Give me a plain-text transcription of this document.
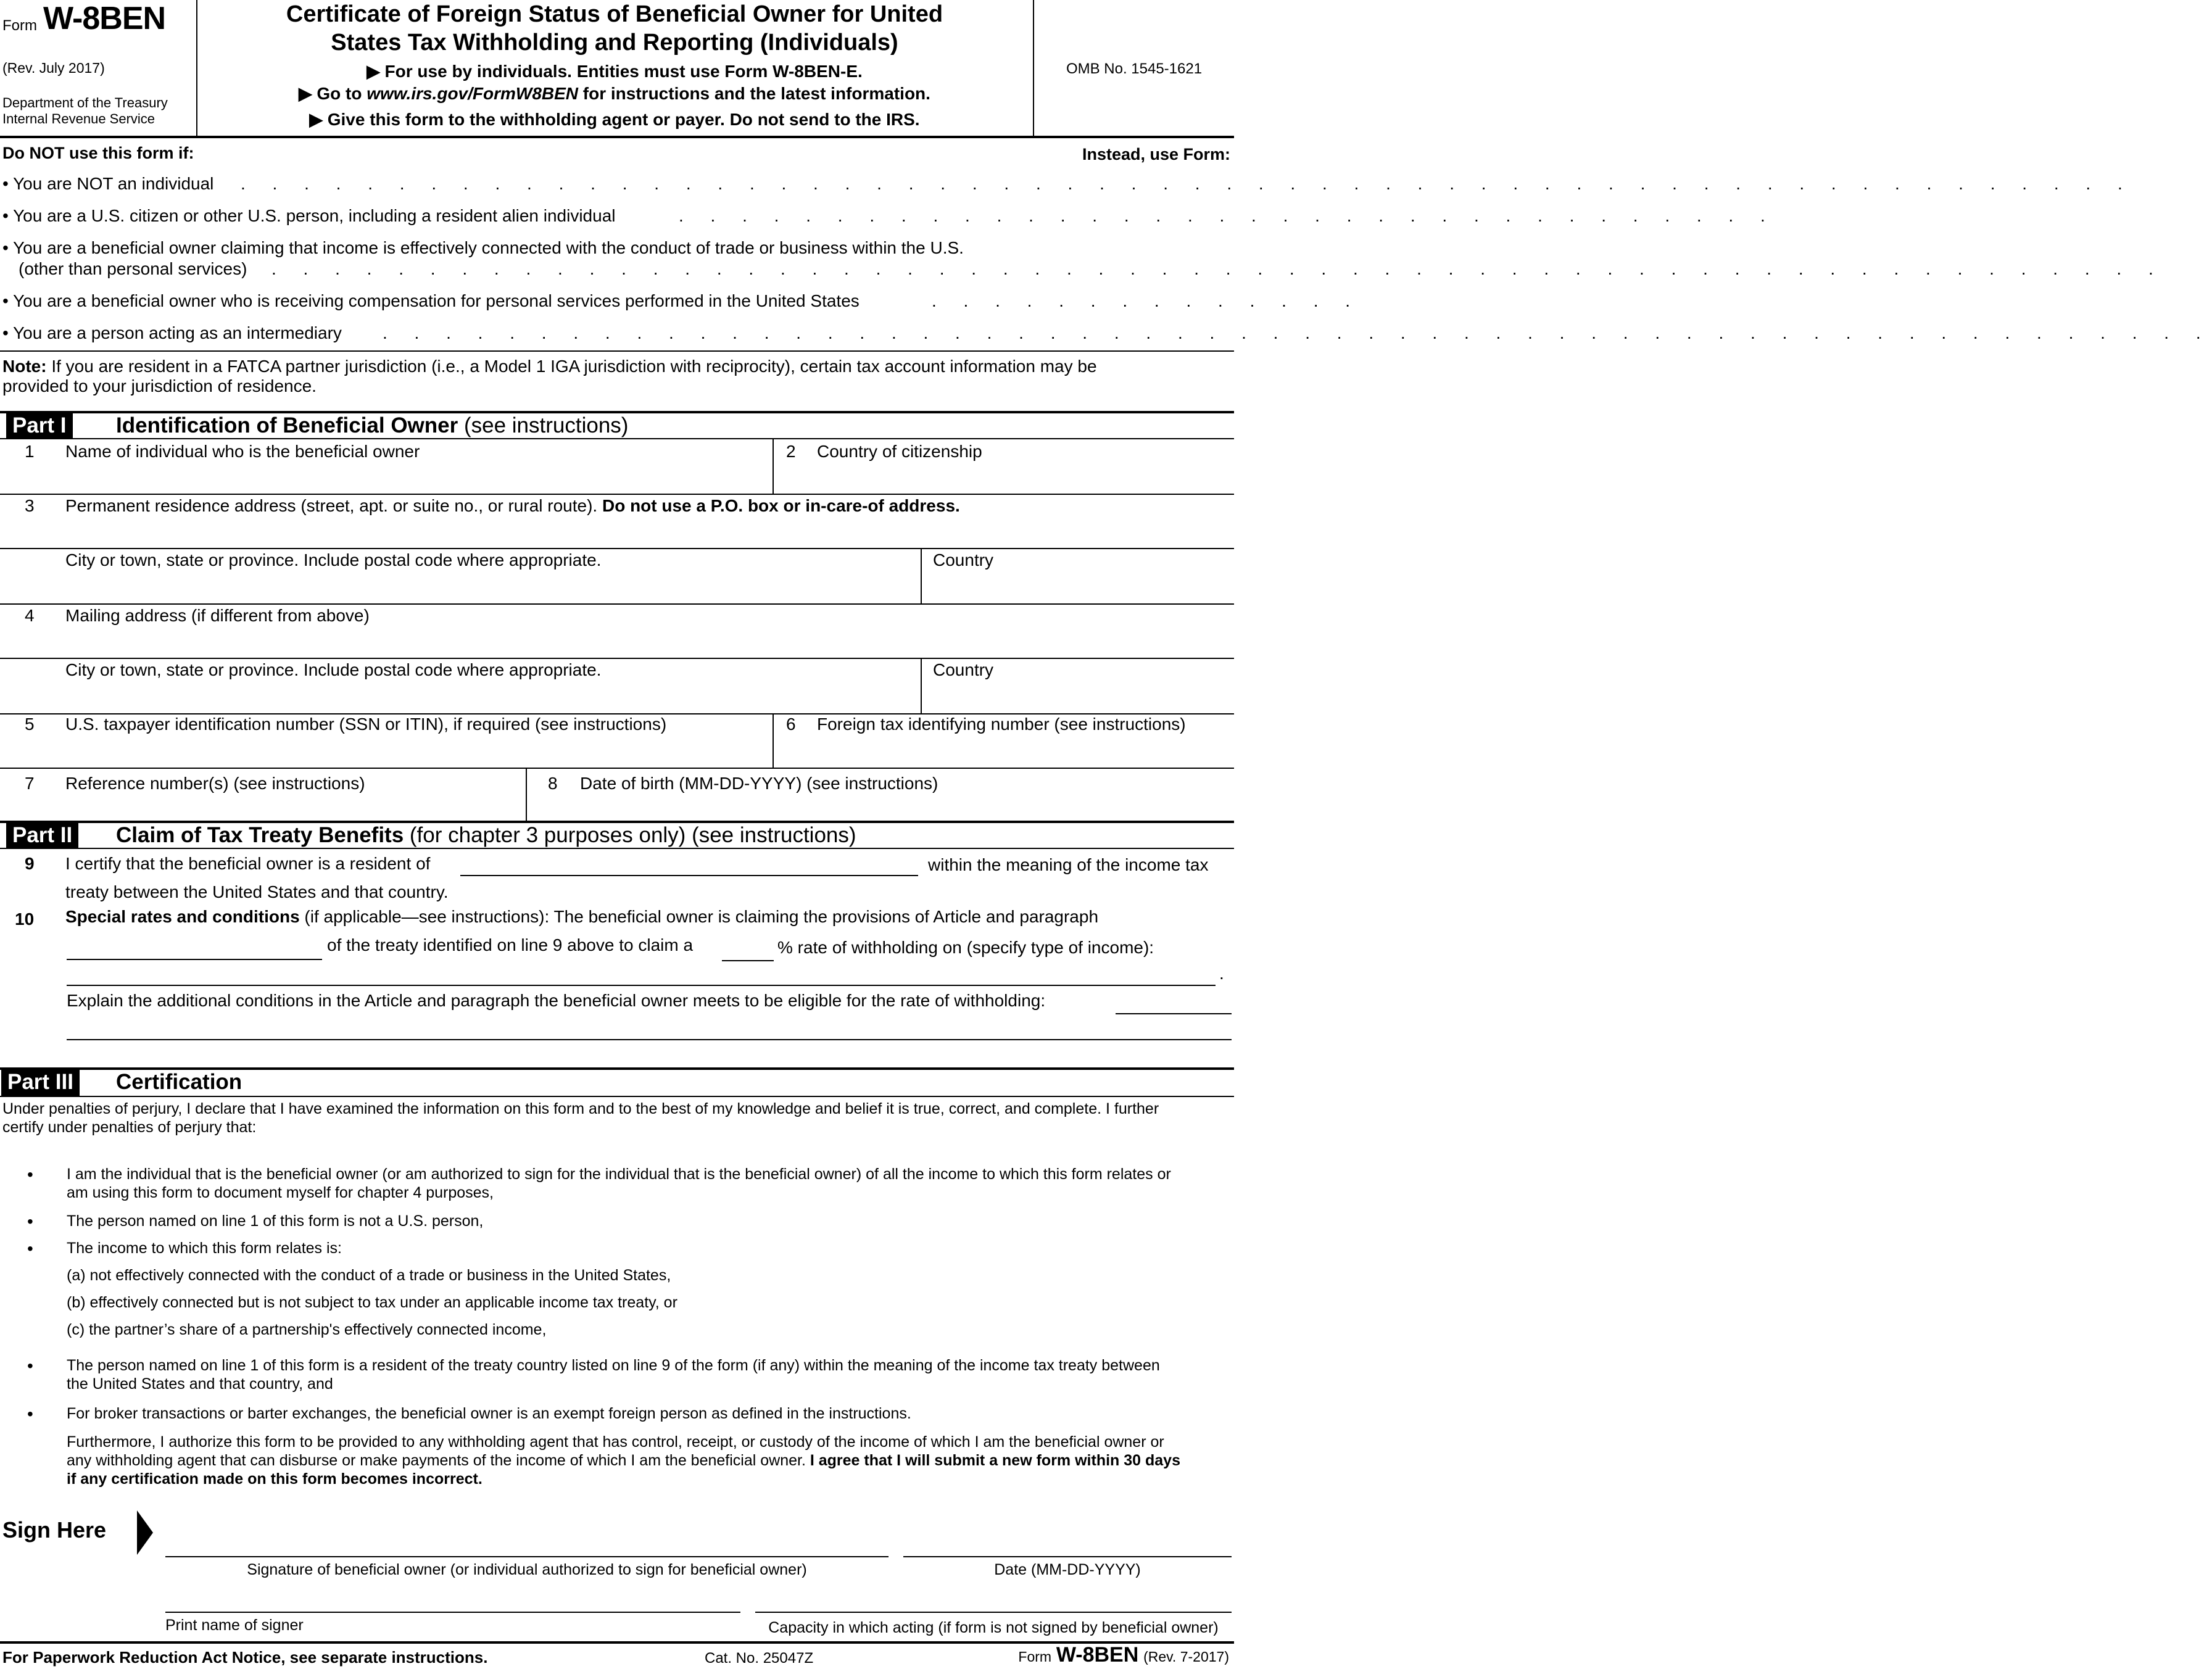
Form W-8BEN
(Rev. July 2017)
Department of the Treasury
Internal Revenue Service
Certificate of Foreign Status of Beneficial Owner for United
States Tax Withholding and Reporting (Individuals)
▶ For use by individuals. Entities must use Form W-8BEN-E.
▶ Go to www.irs.gov/FormW8BEN for instructions and the latest information.
▶ Give this form to the withholding agent or payer. Do not send to the IRS.
OMB No. 1545-1621
Do NOT use this form if:	Instead, use Form:
• You are NOT an individual . . . . . . . . . . . . . . . . . . . . . . . . . . . . . . . . . . . . . . . . . . . . . . . . . . . . . . . . . . . .
• You are a U.S. citizen or other U.S. person, including a resident alien individual	. . . . . . . . . . . . . . . . . . . . . . . . . . . . . . . . . . .
• You are a beneficial owner claiming that income is effectively connected with the conduct of trade or business within the U.S.
(other than personal services) . . . . . . . . . . . . . . . . . . . . . . . . . . . . . . . . . . . . . . . . . . . . . . . . . . . . . . . . . . . .
• You are a beneficial owner who is receiving compensation for personal services performed in the United States	. . . . . . . . . . . . . .
• You are a person acting as an intermediary . . . . . . . . . . . . . . . . . . . . . . . . . . . . . . . . . . . . . . . . . . . . . . . . . . . . . . . . . .
Note: If you are resident in a FATCA partner jurisdiction (i.e., a Model 1 IGA jurisdiction with reciprocity), certain tax account information may be
provided to your jurisdiction of residence.
Part I Identification of Beneficial Owner (see instructions)
1 Name of individual who is the beneficial owner	2 Country of citizenship
3 Permanent residence address (street, apt. or suite no., or rural route). Do not use a P.O. box or in-care-of address.
City or town, state or province. Include postal code where appropriate.	Country
4 Mailing address (if different from above)
City or town, state or province. Include postal code where appropriate.	Country
5 U.S. taxpayer identification number (SSN or ITIN), if required (see instructions)	6 Foreign tax identifying number (see instructions)
7 Reference number(s) (see instructions)	8 Date of birth (MM-DD-YYYY) (see instructions)
Part II Claim of Tax Treaty Benefits (for chapter 3 purposes only) (see instructions)
9 I certify that the beneficial owner is a resident of	within the meaning of the income tax
treaty between the United States and that country.
10 Special rates and conditions (if applicable—see instructions): The beneficial owner is claiming the provisions of Article and paragraph
of the treaty identified on line 9 above to claim a	% rate of withholding on (specify type of income):
.
Explain the additional conditions in the Article and paragraph the beneficial owner meets to be eligible for the rate of withholding:
Part III Certification
Under penalties of perjury, I declare that I have examined the information on this form and to the best of my knowledge and belief it is true, correct, and complete. I further
certify under penalties of perjury that:
• I am the individual that is the beneficial owner (or am authorized to sign for the individual that is the beneficial owner) of all the income to which this form relates or
am using this form to document myself for chapter 4 purposes,
• The person named on line 1 of this form is not a U.S. person,
• The income to which this form relates is:
(a) not effectively connected with the conduct of a trade or business in the United States,
(b) effectively connected but is not subject to tax under an applicable income tax treaty, or
(c) the partner’s share of a partnership's effectively connected income,
• The person named on line 1 of this form is a resident of the treaty country listed on line 9 of the form (if any) within the meaning of the income tax treaty between
the United States and that country, and
• For broker transactions or barter exchanges, the beneficial owner is an exempt foreign person as defined in the instructions.
Furthermore, I authorize this form to be provided to any withholding agent that has control, receipt, or custody of the income of which I am the beneficial owner or
any withholding agent that can disburse or make payments of the income of which I am the beneficial owner. I agree that I will submit a new form within 30 days
if any certification made on this form becomes incorrect.
Sign Here
Signature of beneficial owner (or individual authorized to sign for beneficial owner)	Date (MM-DD-YYYY)
Print name of signer	Capacity in which acting (if form is not signed by beneficial owner)
For Paperwork Reduction Act Notice, see separate instructions.	Cat. No. 25047Z	Form W-8BEN (Rev. 7-2017)
